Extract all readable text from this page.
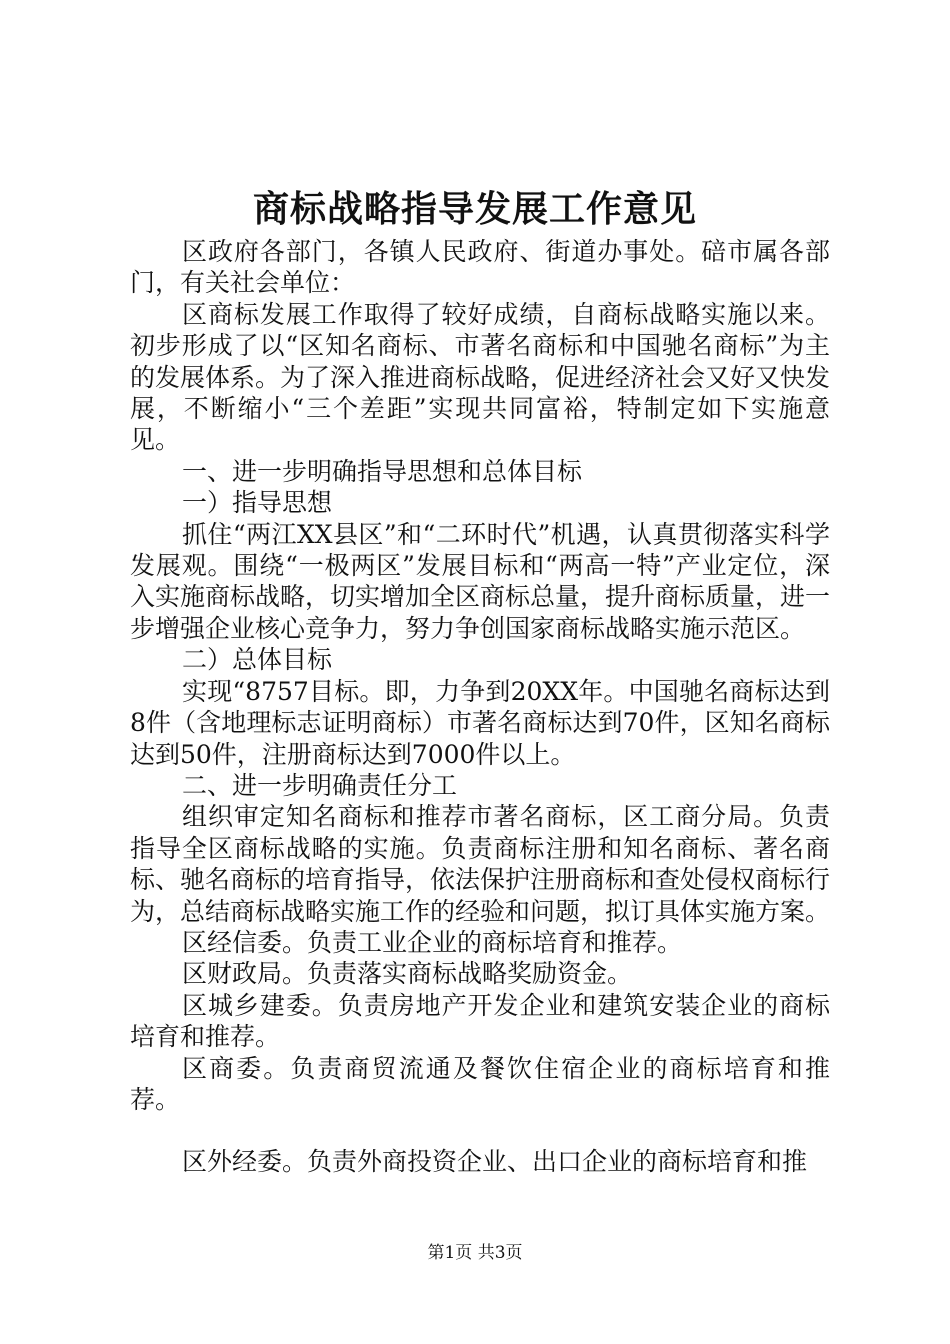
商标战略指导发展工作意见

区政府各部门，各镇人民政府、街道办事处。碚市属各部门，有关社会单位：

区商标发展工作取得了较好成绩，自商标战略实施以来。初步形成了以“区知名商标、市著名商标和中国驰名商标”为主的发展体系。为了深入推进商标战略，促进经济社会又好又快发展，不断缩小“三个差距”实现共同富裕，特制定如下实施意见。

一、进一步明确指导思想和总体目标

一）指导思想

抓住“两江XX县区”和“二环时代”机遇，认真贯彻落实科学发展观。围绕“一极两区”发展目标和“两高一特”产业定位，深入实施商标战略，切实增加全区商标总量，提升商标质量，进一步增强企业核心竞争力，努力争创国家商标战略实施示范区。

二）总体目标

实现“8757目标。即，力争到20XX年。中国驰名商标达到8件（含地理标志证明商标）市著名商标达到70件，区知名商标达到50件，注册商标达到7000件以上。

二、进一步明确责任分工

组织审定知名商标和推荐市著名商标，区工商分局。负责指导全区商标战略的实施。负责商标注册和知名商标、著名商标、驰名商标的培育指导，依法保护注册商标和查处侵权商标行为，总结商标战略实施工作的经验和问题，拟订具体实施方案。

区经信委。负责工业企业的商标培育和推荐。

区财政局。负责落实商标战略奖励资金。

区城乡建委。负责房地产开发企业和建筑安装企业的商标培育和推荐。

区商委。负责商贸流通及餐饮住宿企业的商标培育和推荐。

区外经委。负责外商投资企业、出口企业的商标培育和推

第1页 共3页
